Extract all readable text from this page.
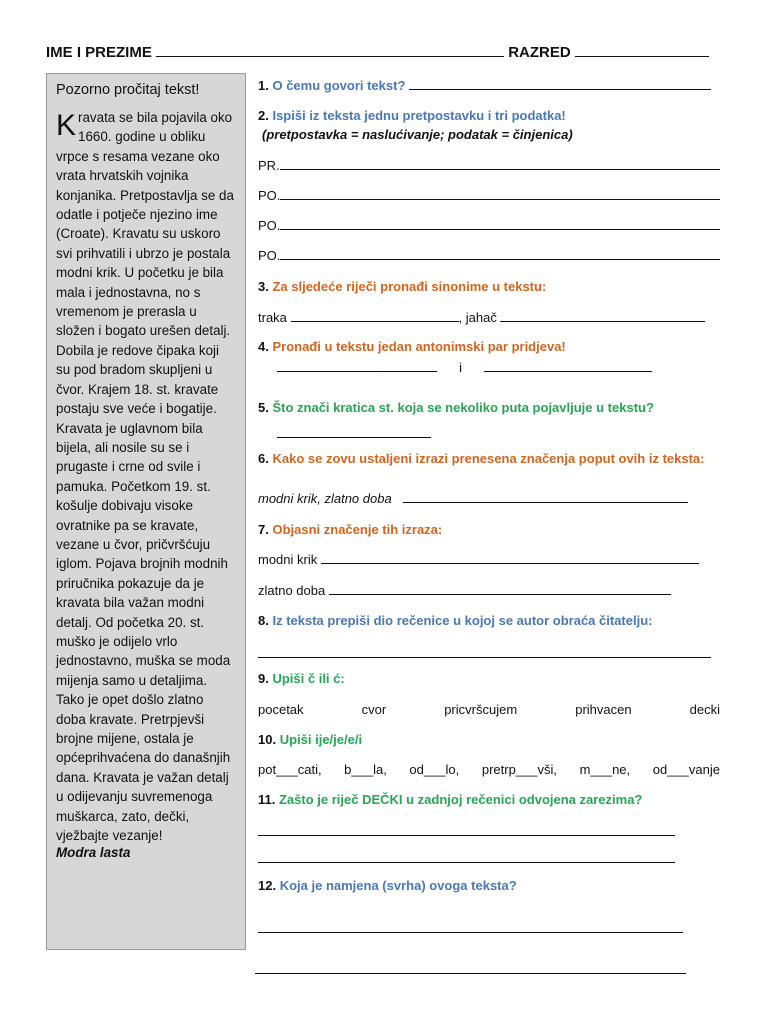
IME I PREZIME	RAZRED
Pozorno pročitaj tekst!

Kravata se bila pojavila oko 1660. godine u obliku vrpce s resama vezane oko vrata hrvatskih vojnika konjanika. Pretpostavlja se da odatle i potječe njezino ime (Croate). Kravatu su uskoro svi prihvatili i ubrzo je postala modni krik. U početku je bila mala i jednostavna, no s vremenom je prerasla u složen i bogato urešen detalj. Dobila je redove čipaka koji su pod bradom skupljeni u čvor. Krajem 18. st. kravate postaju sve veće i bogatije. Kravata je uglavnom bila bijela, ali nosile su se i prugaste i crne od svile i pamuka. Početkom 19. st. košulje dobivaju visoke ovratnike pa se kravate, vezane u čvor, pričvršćuju iglom. Pojava brojnih modnih priručnika pokazuje da je kravata bila važan modni detalj. Od početka 20. st. muško je odijelo vrlo jednostavno, muška se moda mijenja samo u detaljima. Tako je opet došlo zlatno doba kravate. Pretrpjevši brojne mijene, ostala je općeprihvaćena do današnjih dana. Kravata je važan detalj u odijevanju suvremenoga muškarca, zato, dečki, vježbajte vezanje!

Modra lasta
1. O čemu govori tekst?
2. Ispiši iz teksta jednu pretpostavku i tri podatka!
(pretpostavka = naslućivanje; podatak = činjenica)
PR.
PO.
PO.
PO.
3. Za sljedeće riječi pronađi sinonime u tekstu:
traka	, jahač
4. Pronađi u tekstu jedan antonimski par pridjeva!
i
5. Što znači kratica st. koja se nekoliko puta pojavljuje u tekstu?
6. Kako se zovu ustaljeni izrazi prenesena značenja poput ovih iz teksta:
modni krik, zlatno doba
7. Objasni značenje tih izraza:
modni krik
zlatno doba
8. Iz teksta prepiši dio rečenice u kojoj se autor obraća čitatelju:
9. Upiši č ili ć:
pocetak	cvor	pricvršcujem	prihvacen	decki
10. Upiši ije/je/e/i
pot___cati, b___la, od___lo, pretrp___vši, m___ne, od___vanje
11. Zašto je riječ DEČKI u zadnjoj rečenici odvojena zarezima?
12. Koja je namjena (svrha) ovoga teksta?
